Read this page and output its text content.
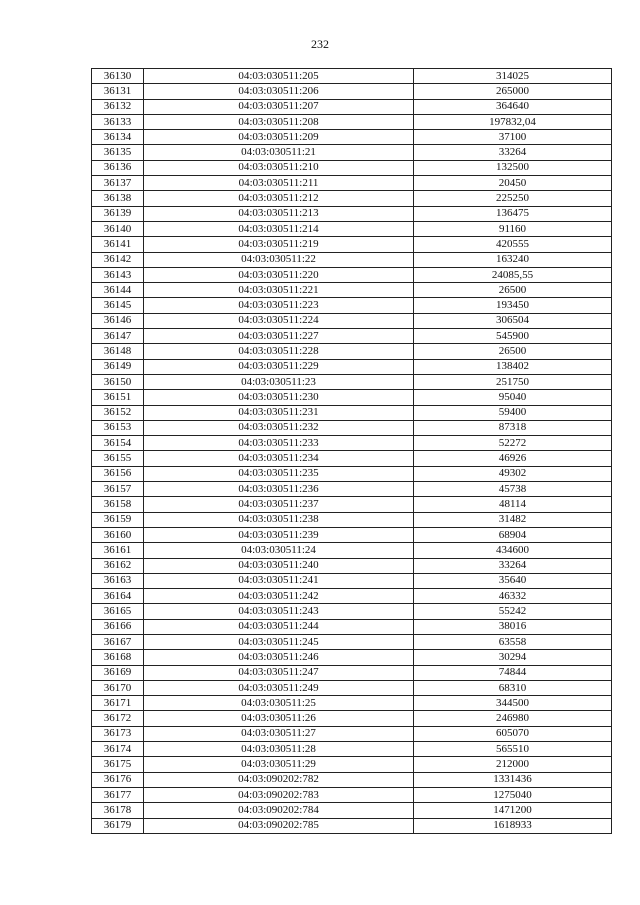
232
36130	04:03:030511:205	314025
36131	04:03:030511:206	265000
36132	04:03:030511:207	364640
36133	04:03:030511:208	197832,04
36134	04:03:030511:209	37100
36135	04:03:030511:21	33264
36136	04:03:030511:210	132500
36137	04:03:030511:211	20450
36138	04:03:030511:212	225250
36139	04:03:030511:213	136475
36140	04:03:030511:214	91160
36141	04:03:030511:219	420555
36142	04:03:030511:22	163240
36143	04:03:030511:220	24085,55
36144	04:03:030511:221	26500
36145	04:03:030511:223	193450
36146	04:03:030511:224	306504
36147	04:03:030511:227	545900
36148	04:03:030511:228	26500
36149	04:03:030511:229	138402
36150	04:03:030511:23	251750
36151	04:03:030511:230	95040
36152	04:03:030511:231	59400
36153	04:03:030511:232	87318
36154	04:03:030511:233	52272
36155	04:03:030511:234	46926
36156	04:03:030511:235	49302
36157	04:03:030511:236	45738
36158	04:03:030511:237	48114
36159	04:03:030511:238	31482
36160	04:03:030511:239	68904
36161	04:03:030511:24	434600
36162	04:03:030511:240	33264
36163	04:03:030511:241	35640
36164	04:03:030511:242	46332
36165	04:03:030511:243	55242
36166	04:03:030511:244	38016
36167	04:03:030511:245	63558
36168	04:03:030511:246	30294
36169	04:03:030511:247	74844
36170	04:03:030511:249	68310
36171	04:03:030511:25	344500
36172	04:03:030511:26	246980
36173	04:03:030511:27	605070
36174	04:03:030511:28	565510
36175	04:03:030511:29	212000
36176	04:03:090202:782	1331436
36177	04:03:090202:783	1275040
36178	04:03:090202:784	1471200
36179	04:03:090202:785	1618933
